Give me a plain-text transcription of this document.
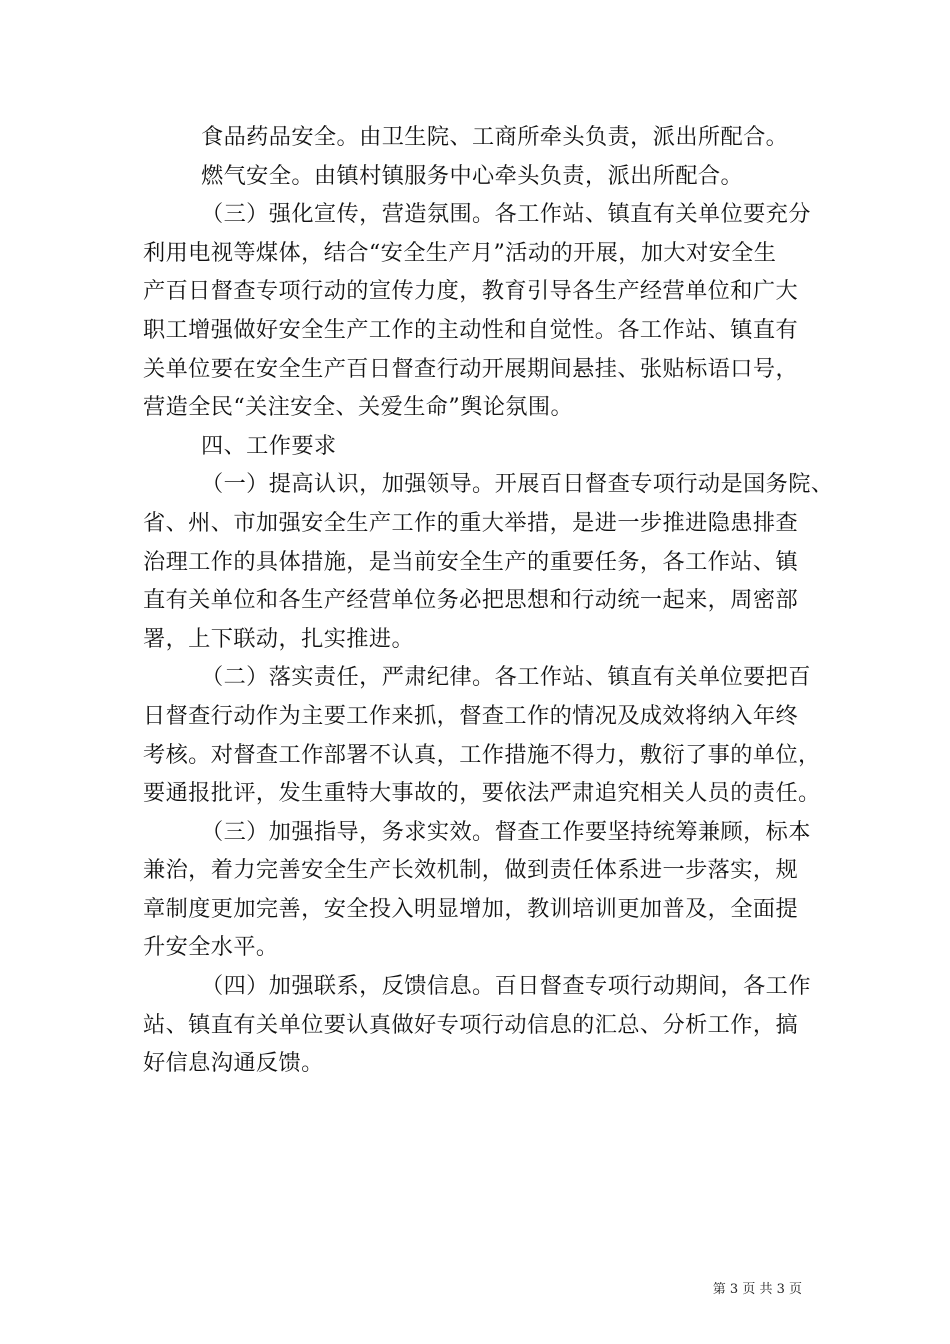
食品药品安全。由卫生院、工商所牵头负责，派出所配合。
燃气安全。由镇村镇服务中心牵头负责，派出所配合。
（三）强化宣传，营造氛围。各工作站、镇直有关单位要充分
利用电视等煤体，结合“安全生产月”活动的开展，加大对安全生
产百日督查专项行动的宣传力度，教育引导各生产经营单位和广大
职工增强做好安全生产工作的主动性和自觉性。各工作站、镇直有
关单位要在安全生产百日督查行动开展期间悬挂、张贴标语口号，
营造全民“关注安全、关爱生命”舆论氛围。
四、工作要求
（一）提高认识，加强领导。开展百日督查专项行动是国务院、
省、州、市加强安全生产工作的重大举措，是进一步推进隐患排查
治理工作的具体措施，是当前安全生产的重要任务，各工作站、镇
直有关单位和各生产经营单位务必把思想和行动统一起来，周密部
署，上下联动，扎实推进。
（二）落实责任，严肃纪律。各工作站、镇直有关单位要把百
日督查行动作为主要工作来抓，督查工作的情况及成效将纳入年终
考核。对督查工作部署不认真，工作措施不得力，敷衍了事的单位，
要通报批评，发生重特大事故的，要依法严肃追究相关人员的责任。
（三）加强指导，务求实效。督查工作要坚持统筹兼顾，标本
兼治，着力完善安全生产长效机制，做到责任体系进一步落实，规
章制度更加完善，安全投入明显增加，教训培训更加普及，全面提
升安全水平。
（四）加强联系，反馈信息。百日督查专项行动期间，各工作
站、镇直有关单位要认真做好专项行动信息的汇总、分析工作，搞
好信息沟通反馈。
第 3 页 共 3 页
